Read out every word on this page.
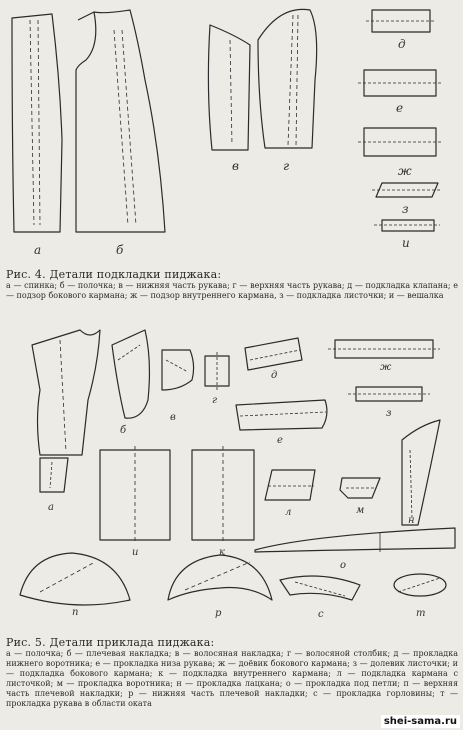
а	б
в	г
д
е
ж
з
и
а
б
в
г
д
е
ж
з
и	к
л	м
н
о
п	р	с	т
Рис. 4. Детали подкладки пиджака:
а — спинка; б — полочка; в — нижняя часть рукава; г — верхняя часть рукава; д — подкладка клапана; е — подзор бокового кармана; ж — подзор внутреннего кармана, з — подкладка листочки; и — вешалка
Рис. 5. Детали приклада пиджака:
а — полочка; б — плечевая накладка; в — волосяная накладка; г — волосяной столбик; д — прокладка нижнего воротника; е — прокладка низа рукава; ж — доёвик бокового кармана; з — долевик листочки; и — подкладка бокового кармана; к — подкладка внутреннего кармана; л — подкладка кармана с листочкой; м — прокладка воротника; н — прокладка лацкана; о — прокладка под петли; п — верхняя часть плечевой накладки; р — нижняя часть плечевой накладки; с — прокладка горловины; т — прокладка рукава в области оката
shei-sama.ru
